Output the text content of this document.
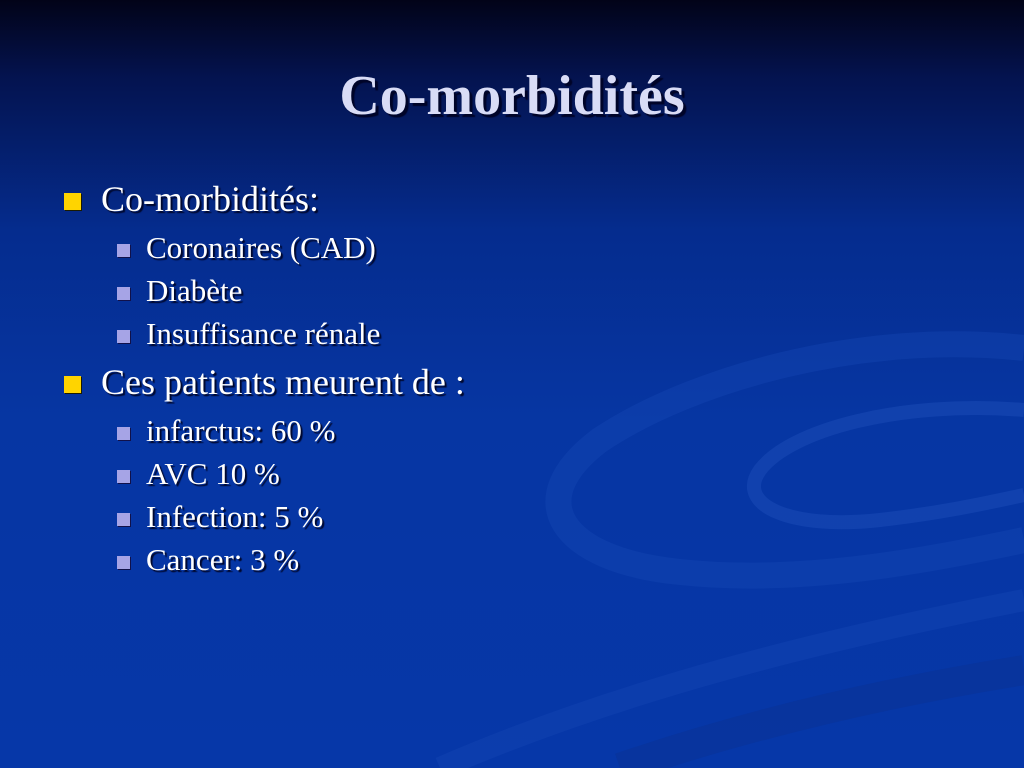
Co-morbidités
Co-morbidités:
Coronaires (CAD)
Diabète
Insuffisance rénale
Ces patients meurent de :
infarctus: 60 %
AVC 10 %
Infection: 5 %
Cancer: 3 %
